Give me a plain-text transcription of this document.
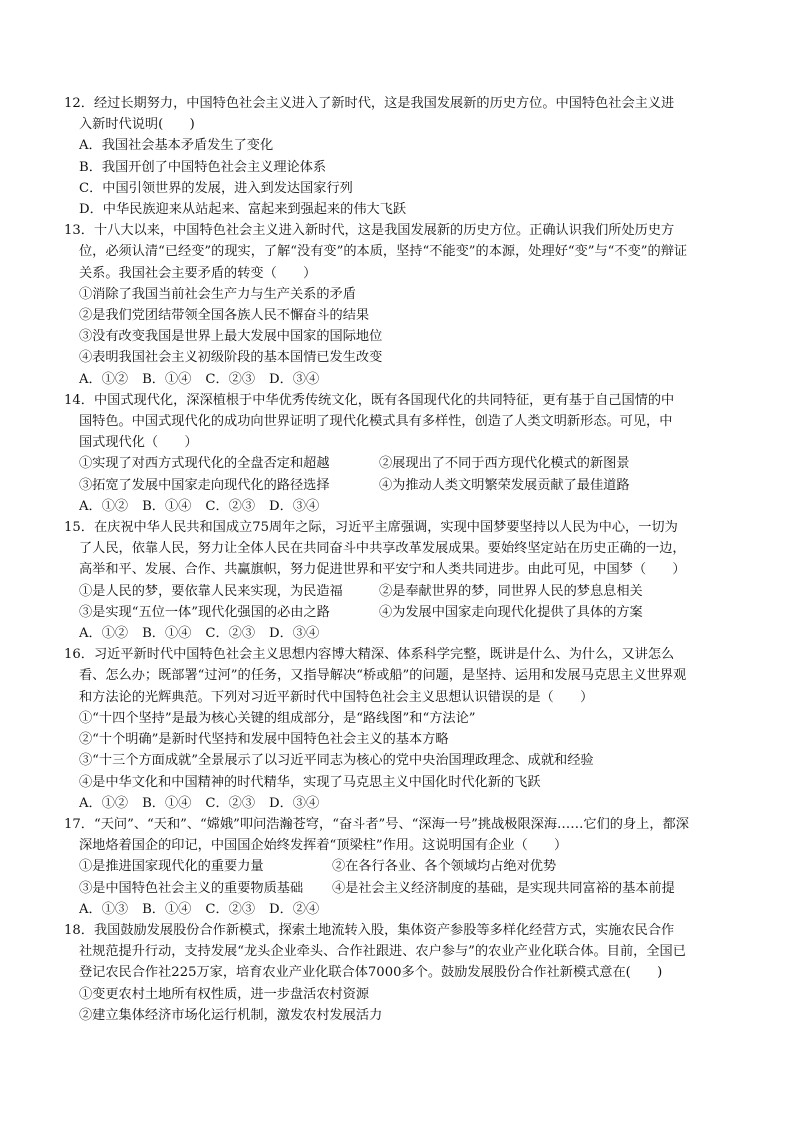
12．经过长期努力，中国特色社会主义进入了新时代，这是我国发展新的历史方位。中国特色社会主义进

入新时代说明(　　)

A．我国社会基本矛盾发生了变化

B．我国开创了中国特色社会主义理论体系

C．中国引领世界的发展，进入到发达国家行列

D．中华民族迎来从站起来、富起来到强起来的伟大飞跃

13．十八大以来，中国特色社会主义进入新时代，这是我国发展新的历史方位。正确认识我们所处历史方

位，必须认清“已经变”的现实，了解“没有变”的本质，坚持“不能变”的本源，处理好“变”与“不变”的辩证

关系。我国社会主要矛盾的转变（　　）

①消除了我国当前社会生产力与生产关系的矛盾

②是我们党团结带领全国各族人民不懈奋斗的结果

③没有改变我国是世界上最大发展中国家的国际地位

④表明我国社会主义初级阶段的基本国情已发生改变

A．①② B．①④ C．②③ D．③④

14．中国式现代化，深深植根于中华优秀传统文化，既有各国现代化的共同特征，更有基于自己国情的中

国特色。中国式现代化的成功向世界证明了现代化模式具有多样性，创造了人类文明新形态。可见，中

国式现代化（　　）

①实现了对西方式现代化的全盘否定和超越	②展现出了不同于西方现代化模式的新图景
③拓宽了发展中国家走向现代化的路径选择	④为推动人类文明繁荣发展贡献了最佳道路

A．①② B．①④ C．②③ D．③④

15．在庆祝中华人民共和国成立75周年之际，习近平主席强调，实现中国梦要坚持以人民为中心，一切为

了人民，依靠人民，努力让全体人民在共同奋斗中共享改革发展成果。要始终坚定站在历史正确的一边，

高举和平、发展、合作、共赢旗帜，努力促进世界和平安宁和人类共同进步。由此可见，中国梦（　　）

①是人民的梦，要依靠人民来实现，为民造福	②是奉献世界的梦，同世界人民的梦息息相关
③是实现“五位一体”现代化强国的必由之路	④为发展中国家走向现代化提供了具体的方案

A．①② B．①④ C．②③ D．③④

16．习近平新时代中国特色社会主义思想内容博大精深、体系科学完整，既讲是什么、为什么，又讲怎么

看、怎么办；既部署“过河”的任务，又指导解决“桥或船”的问题，是坚持、运用和发展马克思主义世界观

和方法论的光辉典范。下列对习近平新时代中国特色社会主义思想认识错误的是（　　）

①“十四个坚持”是最为核心关键的组成部分，是“路线图”和“方法论”

②“十个明确”是新时代坚持和发展中国特色社会主义的基本方略

③“十三个方面成就”全景展示了以习近平同志为核心的党中央治国理政理念、成就和经验

④是中华文化和中国精神的时代精华，实现了马克思主义中国化时代化新的飞跃

A．①② B．①④ C．②③ D．③④

17．“天问”、“天和”、“嫦娥”叩问浩瀚苍穹，“奋斗者”号、“深海一号”挑战极限深海……它们的身上，都深

深地烙着国企的印记，中国国企始终发挥着“顶梁柱”作用。这说明国有企业（　　）

①是推进国家现代化的重要力量	②在各行各业、各个领域均占绝对优势
③是中国特色社会主义的重要物质基础	④是社会主义经济制度的基础，是实现共同富裕的基本前提

A．①③ B．①④ C．②③ D．②④

18．我国鼓励发展股份合作新模式，探索土地流转入股，集体资产参股等多样化经营方式，实施农民合作

社规范提升行动，支持发展“龙头企业牵头、合作社跟进、农户参与”的农业产业化联合体。目前，全国已

登记农民合作社225万家，培育农业产业化联合体7000多个。鼓励发展股份合作社新模式意在(　　)

①变更农村土地所有权性质，进一步盘活农村资源

②建立集体经济市场化运行机制，激发农村发展活力
